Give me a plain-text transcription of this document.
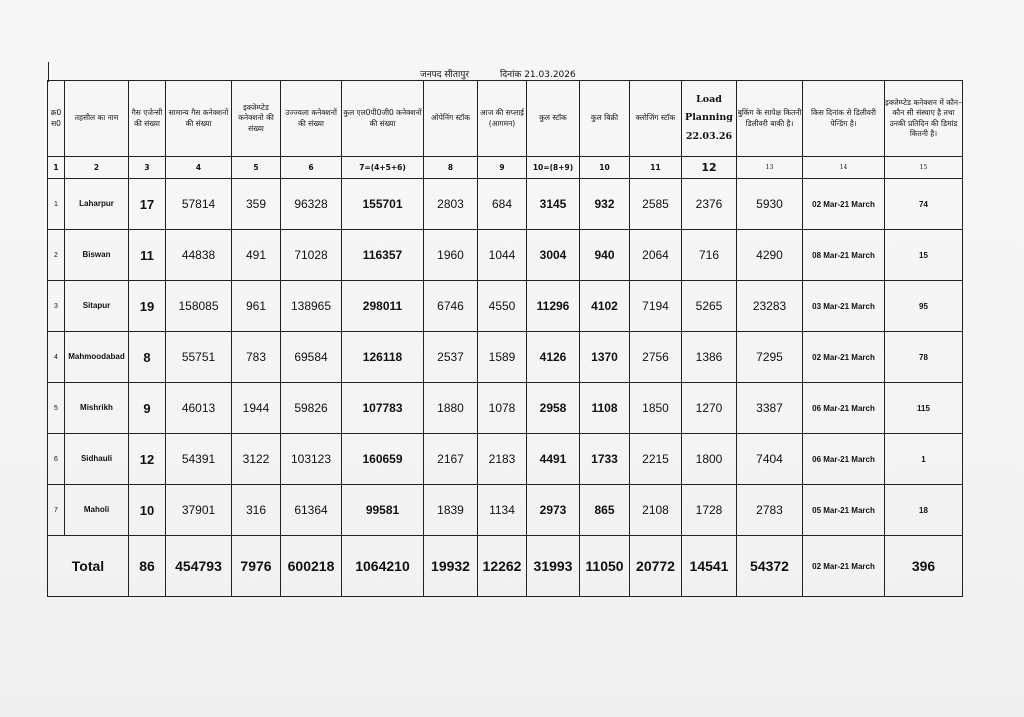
जनपद सीतापुर	दिनांक 21.03.2026
क्र0 स0	तहसील का नाम	गैस एजेन्सी की संख्या	सामान्य गैस कनेक्शनों की संख्या	इक्जेम्प्टेड कनेक्शनो की संख्या	उज्ज्वला कनेक्शनों की संख्या	कुल एल0पी0जी0 कनेक्शनों की संख्या	ओपेनिंग स्टॉक	आज की सप्लाई (आगमन)	कुल स्टॉक	कुल बिक्री	क्लोजिंग स्टॉक	Load Planning 22.03.26	बुकिंग के सापेक्ष कितनी डिलीवरी बाकी है।	किस दिनांक से डिलीवरी पेन्डिंग है।	इक्जेम्प्टेड कनेक्शन में कौन–कौन सी संस्थाए है तथा उनकी प्रतिदिन की डिमांड कितनी है।
1	2	3	4	5	6	7=(4+5+6)	8	9	10=(8+9)	10	11	12	13	14	15
1	Laharpur	17	57814	359	96328	155701	2803	684	3145	932	2585	2376	5930	02 Mar-21 March	74
2	Biswan	11	44838	491	71028	116357	1960	1044	3004	940	2064	716	4290	08 Mar-21 March	15
3	Sitapur	19	158085	961	138965	298011	6746	4550	11296	4102	7194	5265	23283	03 Mar-21 March	95
4	Mahmoodabad	8	55751	783	69584	126118	2537	1589	4126	1370	2756	1386	7295	02 Mar-21 March	78
5	Mishrikh	9	46013	1944	59826	107783	1880	1078	2958	1108	1850	1270	3387	06 Mar-21 March	115
6	Sidhauli	12	54391	3122	103123	160659	2167	2183	4491	1733	2215	1800	7404	06 Mar-21 March	1
7	Maholi	10	37901	316	61364	99581	1839	1134	2973	865	2108	1728	2783	05 Mar-21 March	18
Total		86	454793	7976	600218	1064210	19932	12262	31993	11050	20772	14541	54372	02 Mar-21 March	396
